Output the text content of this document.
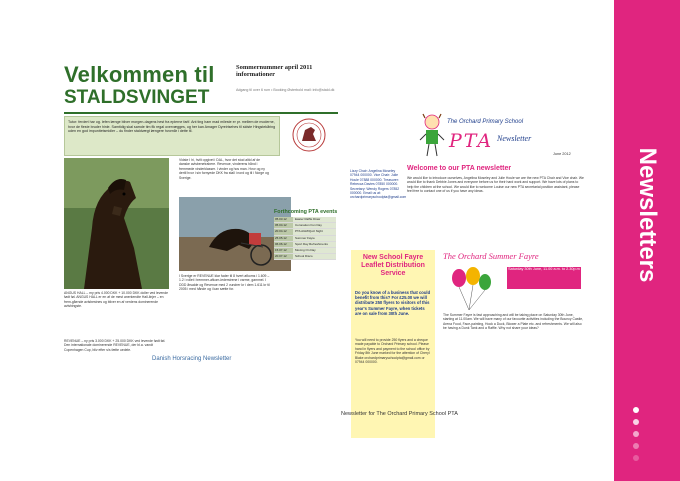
Velkommen til
STALDSVINGET
Sommernummer april 2011 informationer
Adgang til over 6 rum • Booking Østerbold mail: info@stald.dk
Tutor: ferdert har og. lefen længe bliver morgen-dagens hest fra eplerne farlf. Ant ting ham mad mileste er pr. mellem de moderne, hvor de fleste bruder hinle. Samtidig skal samde tim fik regal overvægges, og her kan Amager Dyreirisehes til sidste Hingstekåring uden en god impunitetsmidler – du finder staldvægt længere hvornår i dette til.
ANGUS HALL – my pris 4.000 DKK + 10.000 DKK doller ved levende født føl. ANGUS HALL er en af de mest anerkendte Hall-linjer – en frem-gående avlsbestnes og bliver en af verdens dominerende avlshingste.
REVENUE – ny pris 3.000 DKK + 25.000 DKK ved levende født føl. Den internationale dominerende REVENUE, der bl.a. vandt Copenhagen Cup, bliv efter s/s fælte uedele.
Vidste I hi, hvilt opgivet i DAL, hvor det stod altid af de danske avlsbenetrabere. Revenue, vinderens hånd i fremmede vinderklasser. I vinder og hos man. Hvor og ny dertil hvor i sin fornyede DKK fra stall i nord og til i Norge og Sverige.
I Sverige er REVENUE klar fader til 8 hvert afkoms i 1.609 – 1.2 i rollet i tremmer-afkom-lederstrene i varme, gammel. I DDD årsalde og Revenue med 2 vundrer kr i dem 1.611 kr til 2005 i med hånde og i kan sætte for.
Forthcoming PTA events
05.03.12	Easter Raffle Draw
05.04.12	Coronation Fun Day
20.04.12	PTA AGM/Quiz Night
25.05.12	Summer Fayre
06.06.12	Sport Day Refreshments
15.07.12	Moving On Day
20.07.12	School Disco
Danish Horsracing Newsletter
The Orchard Primary School
PTA Newsletter
June 2012
Lizzy Chair: Angelina Moseley 07944 000000. Vice Chair: Julie Houle 07888 000000. Treasurer: Rebecca Davies 07850 000000. Secretary: Wendy Rogers 07852 000000. Email us at: orchardprimaryschoolpta@gmail.com
Welcome to our PTA newsletter
We would like to introduce ourselves, Angelina Moseley and Julie Houle we are the new PTA Chair and Vice chair. We would like to thank Debbie Jones and everyone before us for their hard work and support. We have lots of plans to help the children at the school. We would like to welcome Louise our new PTA secretarial position assistant, please feel free to contact one of us if you have any ideas.
New School Fayre Leaflet Distribution Service
Do you know of a business that could benefit from this? For £25.00 we will distribute 250 flyers to visitors of this year's Summer Fayre, when tickets are on sale from 30th June.
You will need to provide 250 flyers and a cheque made payable to Orchard Primary school. Please hand in flyers and payment to the school office by Friday 8th June marked for the attention of Cheryl Blake orchardprimaryschoolpta@gmail.com or 07944 000000.
The Orchard Summer Fayre
Saturday 30th June, 11.00 a.m. to 2.30p.m
The Summer Fayre is fast approaching and will be taking place on Saturday 30th June, starting at 11.00am. We will have many of our favourite activities including the Bouncy Castle, Arena Food, Face-painting, Hook a Duck, Blower a Plate etc. and refreshments. We will also be having a Dunk Tank and a Raffle. Why not share your ideas?
Newsletter for The Orchard Primary School PTA
Newsletters
